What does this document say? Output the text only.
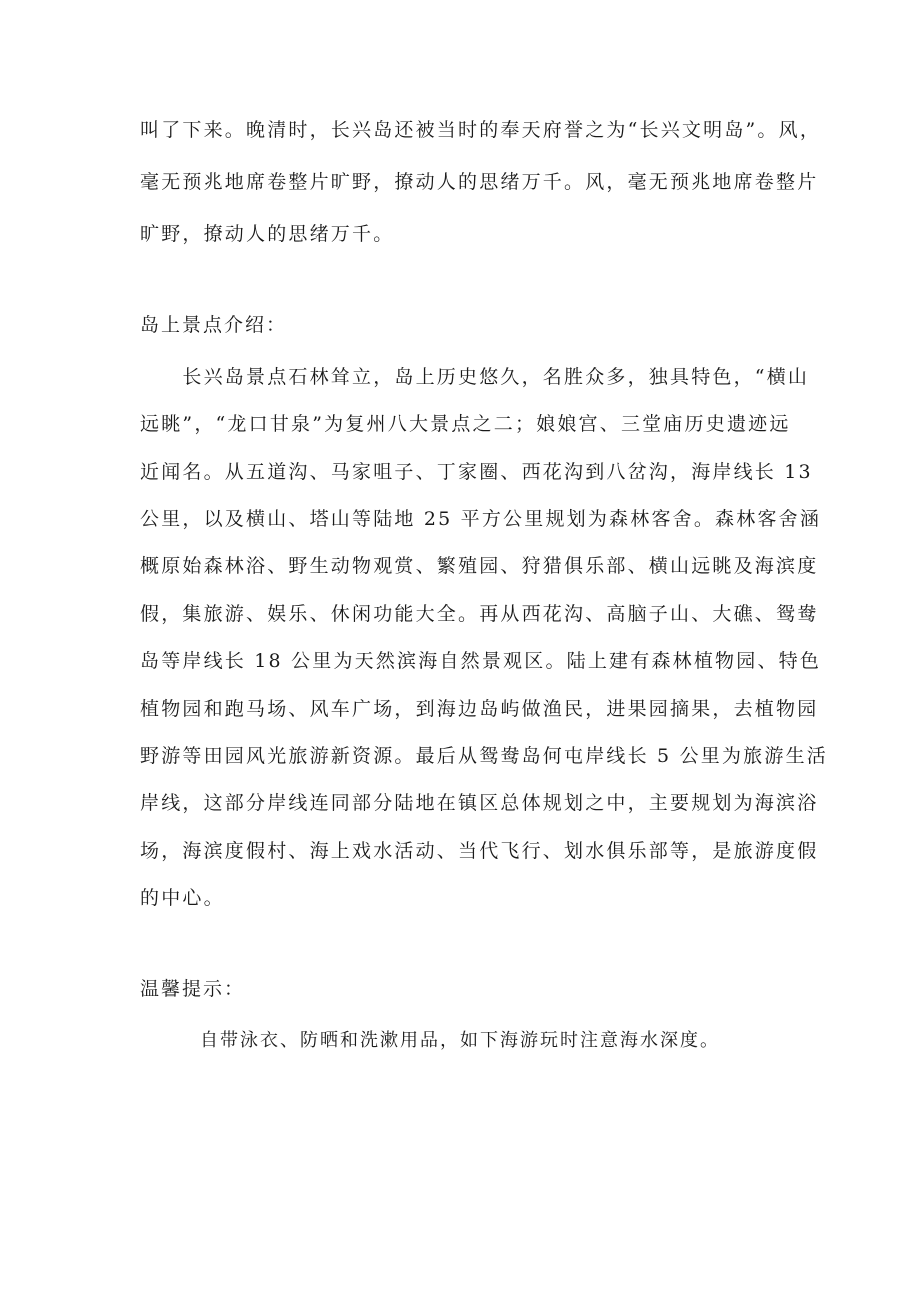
叫了下来。晚清时，长兴岛还被当时的奉天府誉之为“长兴文明岛”。风，
毫无预兆地席卷整片旷野，撩动人的思绪万千。风，毫无预兆地席卷整片
旷野，撩动人的思绪万千。
岛上景点介绍：
　　长兴岛景点石林耸立，岛上历史悠久，名胜众多，独具特色，“横山
远眺”，“龙口甘泉”为复州八大景点之二；娘娘宫、三堂庙历史遗迹远
近闻名。从五道沟、马家咀子、丁家圈、西花沟到八岔沟，海岸线长 13
公里，以及横山、塔山等陆地 25 平方公里规划为森林客舍。森林客舍涵
概原始森林浴、野生动物观赏、繁殖园、狩猎俱乐部、横山远眺及海滨度
假，集旅游、娱乐、休闲功能大全。再从西花沟、高脑子山、大礁、鸳鸯
岛等岸线长 18 公里为天然滨海自然景观区。陆上建有森林植物园、特色
植物园和跑马场、风车广场，到海边岛屿做渔民，进果园摘果，去植物园
野游等田园风光旅游新资源。最后从鸳鸯岛何屯岸线长 5 公里为旅游生活
岸线，这部分岸线连同部分陆地在镇区总体规划之中，主要规划为海滨浴
场，海滨度假村、海上戏水活动、当代飞行、划水俱乐部等，是旅游度假
的中心。
温馨提示：
自带泳衣、防晒和洗漱用品，如下海游玩时注意海水深度。
